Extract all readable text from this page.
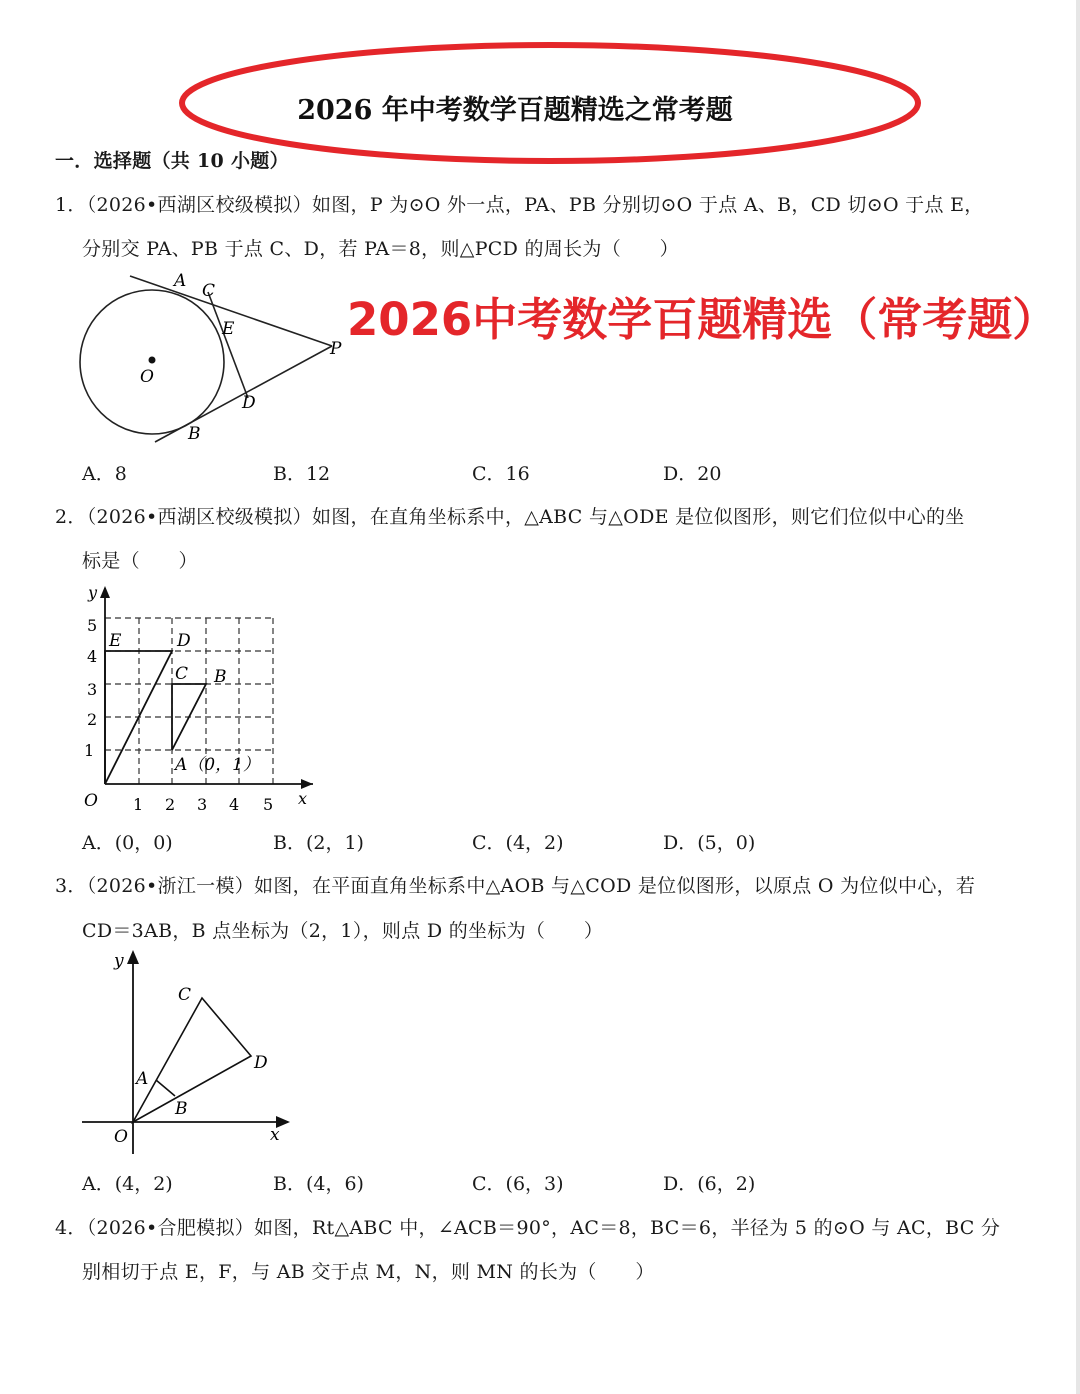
2026 年中考数学百题精选之常考题
一．选择题（共 10 小题）
1．（2026•西湖区校级模拟）如图，P 为⊙O 外一点，PA、PB 分别切⊙O 于点 A、B，CD 切⊙O 于点 E，
分别交 PA、PB 于点 C、D，若 PA＝8，则△PCD 的周长为（　　）
A C
E
O
P
D
B
2026中考数学百题精选（常考题）
A．8	B．12	C．16	D．20
2．（2026•西湖区校级模拟）如图，在直角坐标系中，△ABC 与△ODE 是位似图形，则它们位似中心的坐
标是（　　）
y
x
O
E	D
C B
A（0，1）
1
2
3
4
5
1 2 3 4 5
A．(0，0)	B．(2，1)	C．(4，2)	D．(5，0)
3．（2026•浙江一模）如图，在平面直角坐标系中△AOB 与△COD 是位似图形，以原点 O 为位似中心，若
CD＝3AB，B 点坐标为（2，1），则点 D 的坐标为（　　）
y
x
O
A
B
C
D
A．(4，2)	B．(4，6)	C．(6，3)	D．(6，2)
4．（2026•合肥模拟）如图，Rt△ABC 中，∠ACB＝90°，AC＝8，BC＝6，半径为 5 的⊙O 与 AC，BC 分
别相切于点 E，F，与 AB 交于点 M，N，则 MN 的长为（　　）
